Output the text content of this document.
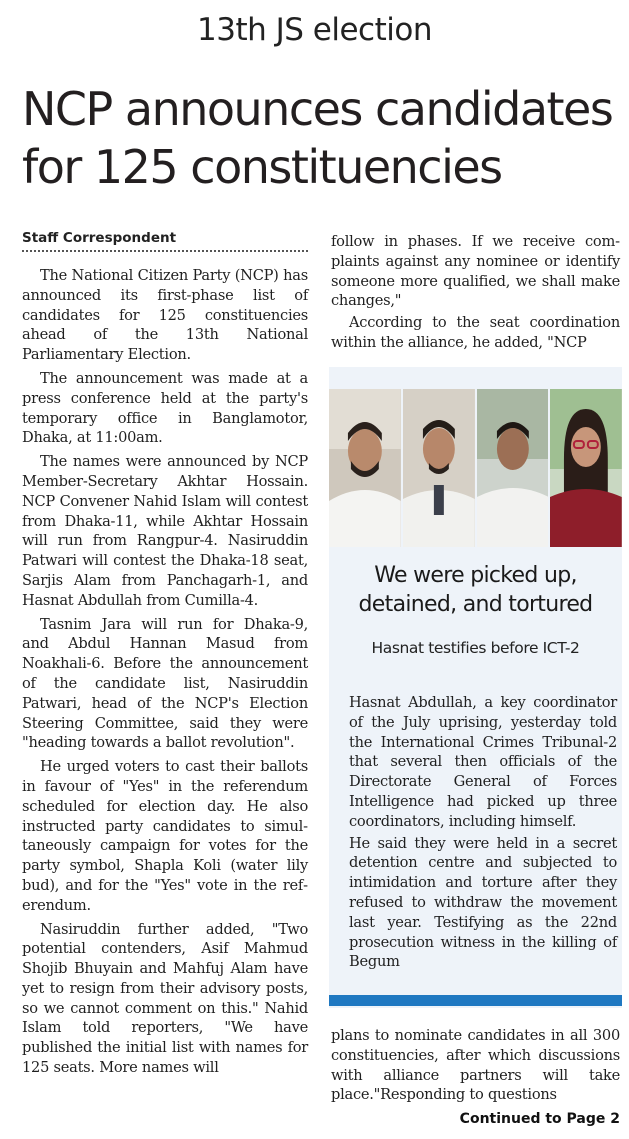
13th JS election
NCP announces candidates
for 125 constituencies
Staff Correspondent

The National Citizen Party (NCP) has announced its first-phase list of candidates for 125 constituencies ahead of the 13th National Parliamentary Election.

The announcement was made at a press conference held at the party's temporary office in Banglamotor, Dhaka, at 11:00am.

The names were announced by NCP Member-Secretary Akhtar Hossain. NCP Convener Nahid Islam will contest from Dhaka-11, while Akhtar Hossain will run from Rangpur-4. Nasiruddin Patwari will contest the Dhaka-18 seat, Sarjis Alam from Panchagarh-1, and Hasnat Abdullah from Cumilla-4.

Tasnim Jara will run for Dhaka-9, and Abdul Hannan Masud from Noakhali-6. Before the announcement of the candidate list, Nasiruddin Patwari, head of the NCP's Election Steering Committee, said they were "heading towards a ballot revolution".

He urged voters to cast their ballots in favour of "Yes" in the referendum scheduled for election day. He also instructed party candidates to simultaneously campaign for votes for the party symbol, Shapla Koli (water lily bud), and for the "Yes" vote in the referendum.

Nasiruddin further added, "Two potential contenders, Asif Mahmud Shojib Bhuyain and Mahfuj Alam have yet to resign from their advisory posts, so we cannot comment on this." Nahid Islam told reporters, "We have published the initial list with names for 125 seats. More names will

follow in phases. If we receive complaints against any nominee or identify someone more qualified, we shall make changes,"

According to the seat coordination within the alliance, he added, "NCP

We were picked up,
detained, and tortured
Hasnat testifies before ICT-2

Hasnat Abdullah, a key coordinator of the July uprising, yesterday told the International Crimes Tribunal-2 that several then officials of the Directorate General of Forces Intelligence had picked up three coordinators, including himself.

He said they were held in a secret detention centre and subjected to intimidation and torture after they refused to withdraw the movement last year. Testifying as the 22nd prosecution witness in the killing of Begum

plans to nominate candidates in all 300 constituencies, after which discussions with alliance partners will take place."Responding to questions

Continued to Page 2
